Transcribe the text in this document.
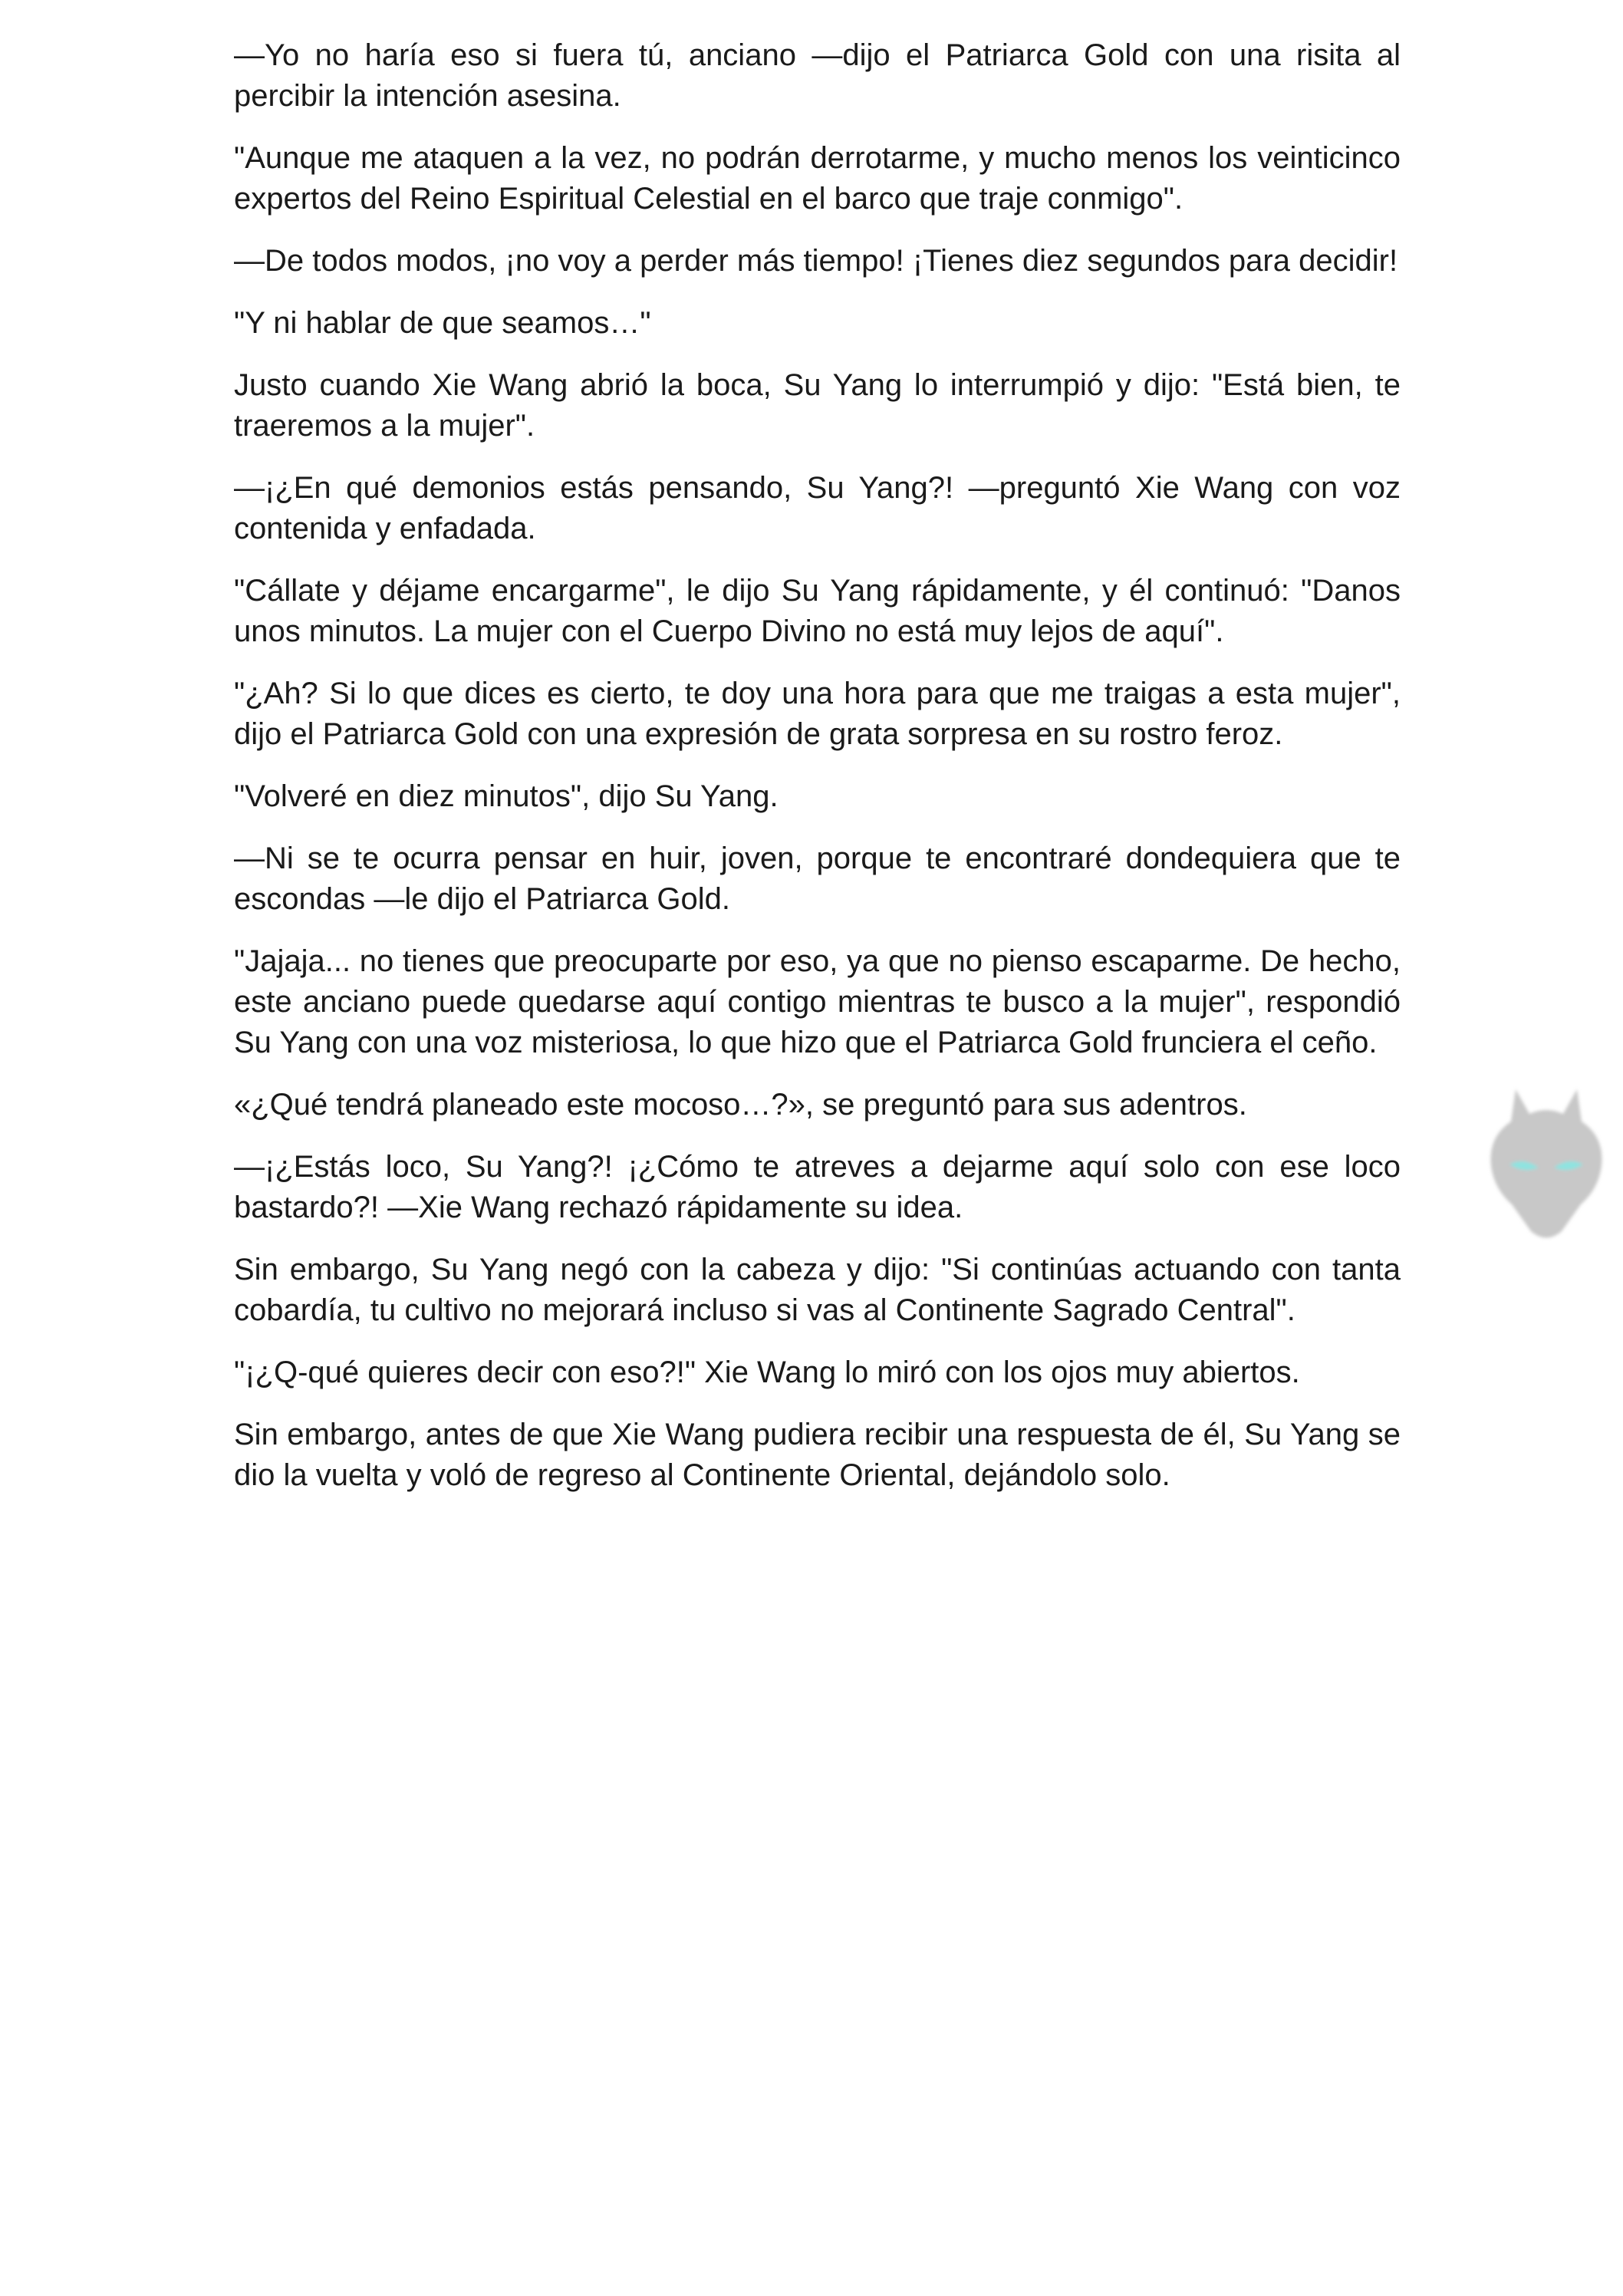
—Yo no haría eso si fuera tú, anciano —dijo el Patriarca Gold con una risita al percibir la intención asesina.

"Aunque me ataquen a la vez, no podrán derrotarme, y mucho menos los veinticinco expertos del Reino Espiritual Celestial en el barco que traje conmigo".

—De todos modos, ¡no voy a perder más tiempo! ¡Tienes diez segundos para decidir!

"Y ni hablar de que seamos…"

Justo cuando Xie Wang abrió la boca, Su Yang lo interrumpió y dijo: "Está bien, te traeremos a la mujer".

—¡¿En qué demonios estás pensando, Su Yang?! —preguntó Xie Wang con voz contenida y enfadada.

"Cállate y déjame encargarme", le dijo Su Yang rápidamente, y él continuó: "Danos unos minutos. La mujer con el Cuerpo Divino no está muy lejos de aquí".

"¿Ah? Si lo que dices es cierto, te doy una hora para que me traigas a esta mujer", dijo el Patriarca Gold con una expresión de grata sorpresa en su rostro feroz.

"Volveré en diez minutos", dijo Su Yang.

—Ni se te ocurra pensar en huir, joven, porque te encontraré dondequiera que te escondas —le dijo el Patriarca Gold.

"Jajaja... no tienes que preocuparte por eso, ya que no pienso escaparme. De hecho, este anciano puede quedarse aquí contigo mientras te busco a la mujer", respondió Su Yang con una voz misteriosa, lo que hizo que el Patriarca Gold frunciera el ceño.

«¿Qué tendrá planeado este mocoso…?», se preguntó para sus adentros.

—¡¿Estás loco, Su Yang?! ¡¿Cómo te atreves a dejarme aquí solo con ese loco bastardo?! —Xie Wang rechazó rápidamente su idea.

Sin embargo, Su Yang negó con la cabeza y dijo: "Si continúas actuando con tanta cobardía, tu cultivo no mejorará incluso si vas al Continente Sagrado Central".

"¡¿Q-qué quieres decir con eso?!" Xie Wang lo miró con los ojos muy abiertos.

Sin embargo, antes de que Xie Wang pudiera recibir una respuesta de él, Su Yang se dio la vuelta y voló de regreso al Continente Oriental, dejándolo solo.
